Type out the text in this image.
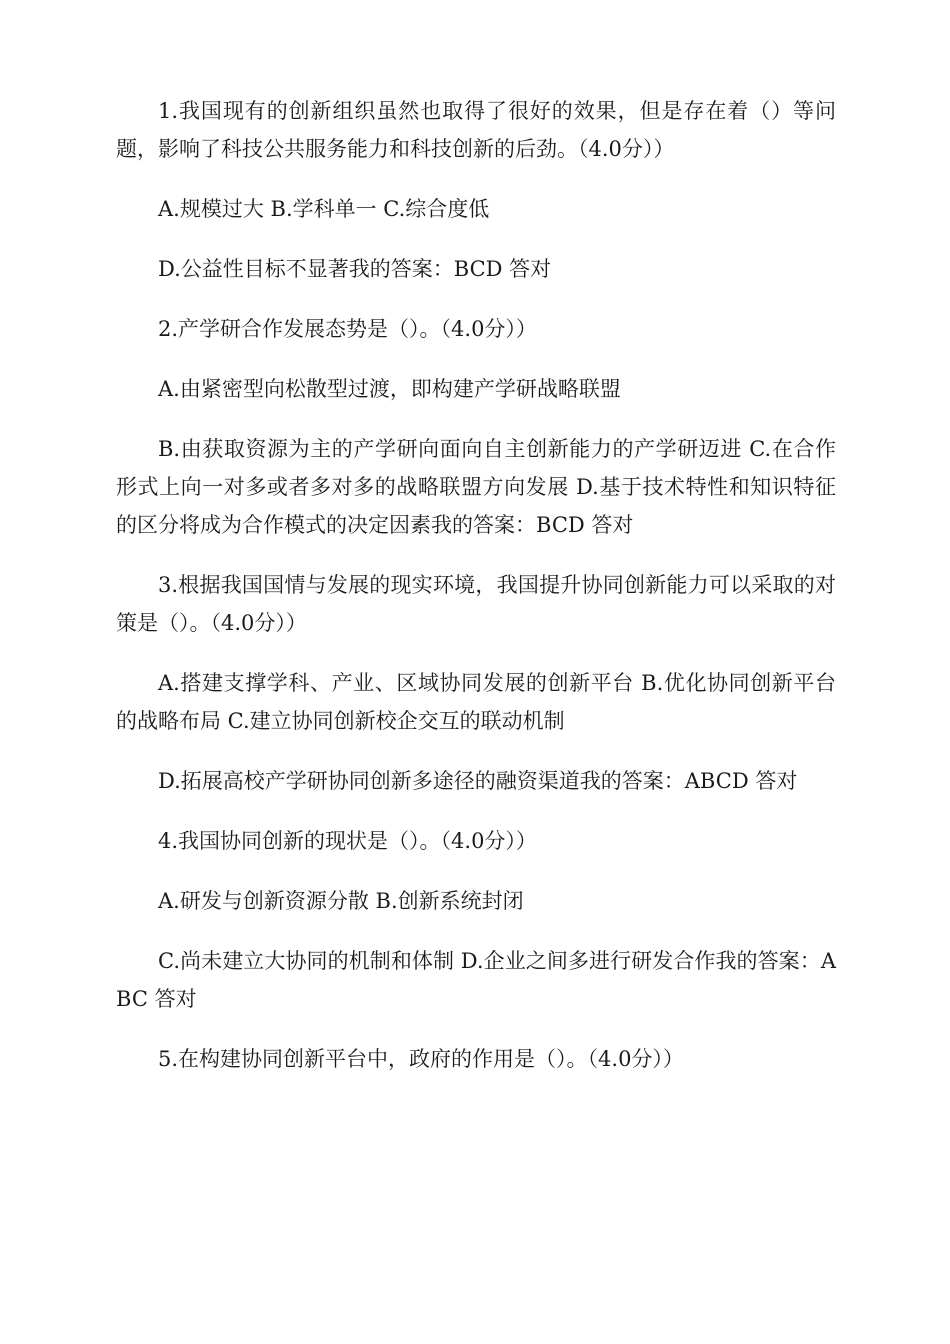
1.我国现有的创新组织虽然也取得了很好的效果，但是存在着（）等问题，影响了科技公共服务能力和科技创新的后劲。（4.0分））

A.规模过大 B.学科单一 C.综合度低

D.公益性目标不显著我的答案：BCD 答对

2.产学研合作发展态势是（）。（4.0分））

A.由紧密型向松散型过渡，即构建产学研战略联盟

B.由获取资源为主的产学研向面向自主创新能力的产学研迈进 C.在合作形式上向一对多或者多对多的战略联盟方向发展 D.基于技术特性和知识特征的区分将成为合作模式的决定因素我的答案：BCD 答对

3.根据我国国情与发展的现实环境，我国提升协同创新能力可以采取的对策是（）。（4.0分））

A.搭建支撑学科、产业、区域协同发展的创新平台 B.优化协同创新平台的战略布局 C.建立协同创新校企交互的联动机制

D.拓展高校产学研协同创新多途径的融资渠道我的答案：ABCD 答对

4.我国协同创新的现状是（）。（4.0分））

A.研发与创新资源分散 B.创新系统封闭

C.尚未建立大协同的机制和体制 D.企业之间多进行研发合作我的答案：ABC 答对

5.在构建协同创新平台中，政府的作用是（）。（4.0分））
